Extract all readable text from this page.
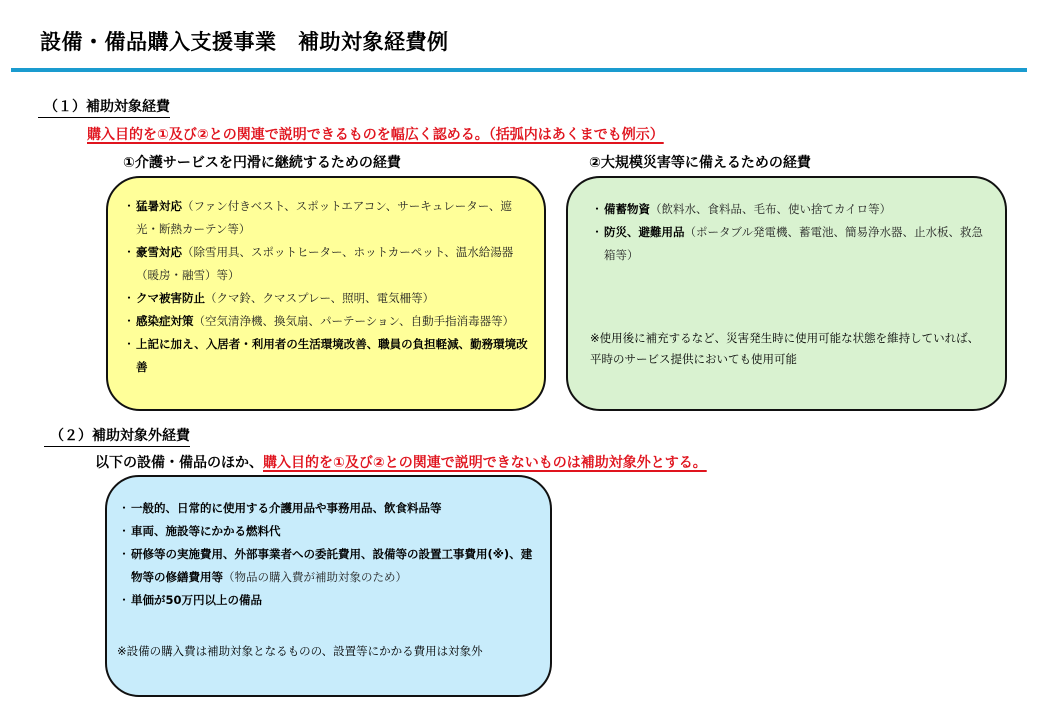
設備・備品購入支援事業　補助対象経費例
（１）補助対象経費
購入目的を①及び②との関連で説明できるものを幅広く認める。（括弧内はあくまでも例示）
①介護サービスを円滑に継続するための経費	②大規模災害等に備えるための経費
・ 猛暑対応（ファン付きベスト、スポットエアコン、サーキュレーター、遮光・断熱カーテン等）
・ 豪雪対応（除雪用具、スポットヒーター、ホットカーペット、温水給湯器（暖房・融雪）等）
・ クマ被害防止（クマ鈴、クマスプレー、照明、電気柵等）
・ 感染症対策（空気清浄機、換気扇、パーテーション、自動手指消毒器等）
・ 上記に加え、入居者・利用者の生活環境改善、職員の負担軽減、勤務環境改善
・ 備蓄物資（飲料水、食料品、毛布、使い捨てカイロ等）
・ 防災、避難用品（ポータブル発電機、蓄電池、簡易浄水器、止水板、救急箱等）
※使用後に補充するなど、災害発生時に使用可能な状態を維持していれば、平時のサービス提供においても使用可能
（２）補助対象外経費
以下の設備・備品のほか、購入目的を①及び②との関連で説明できないものは補助対象外とする。
・ 一般的、日常的に使用する介護用品や事務用品、飲食料品等
・ 車両、施設等にかかる燃料代
・ 研修等の実施費用、外部事業者への委託費用、設備等の設置工事費用(※)、建物等の修繕費用等（物品の購入費が補助対象のため）
・ 単価が50万円以上の備品
※設備の購入費は補助対象となるものの、設置等にかかる費用は対象外
